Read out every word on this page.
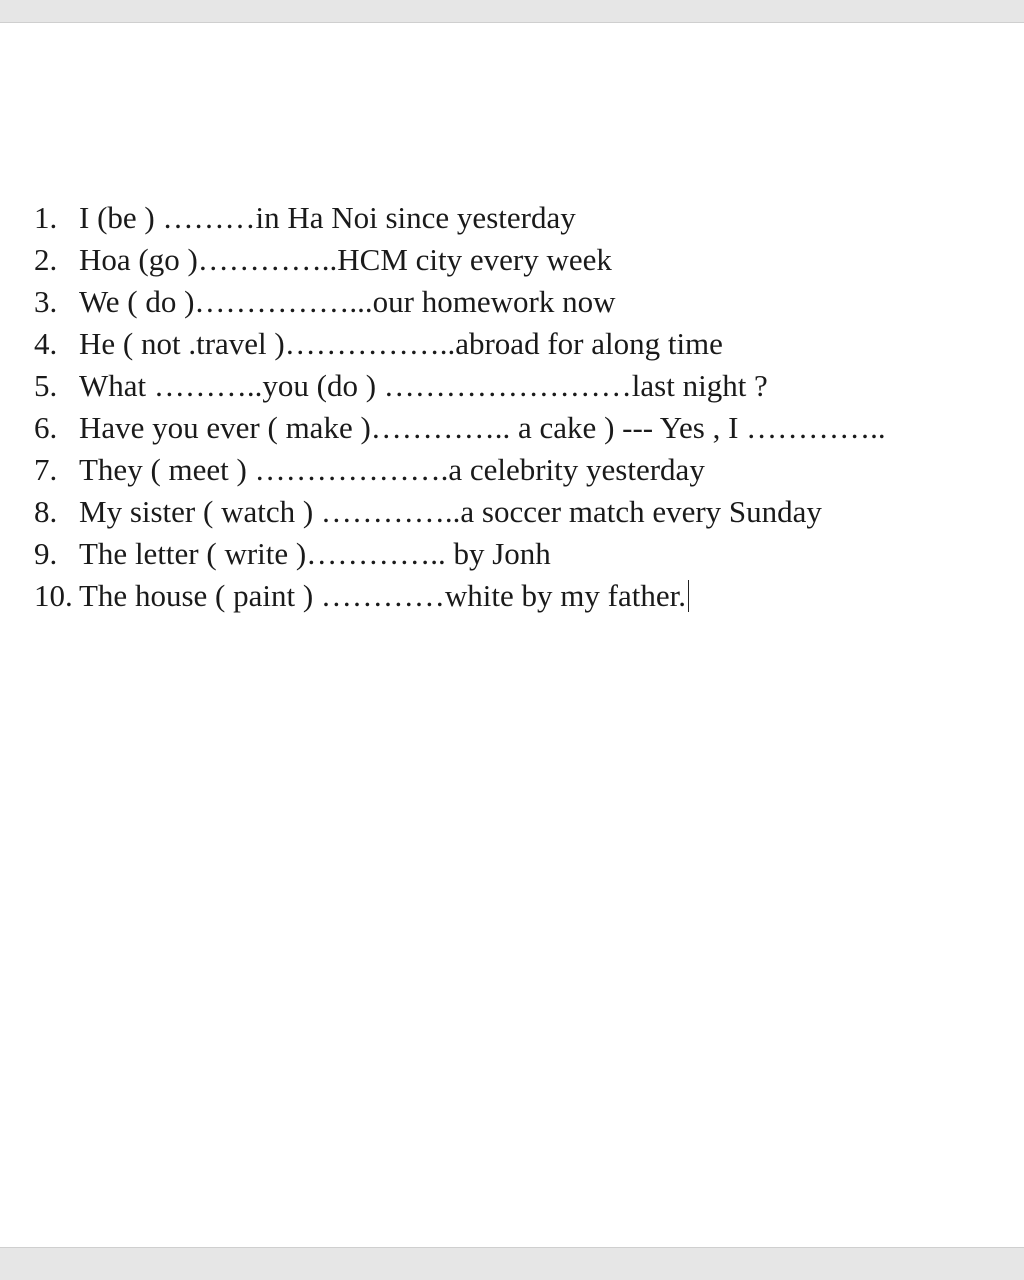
1. I (be ) ………in Ha Noi since yesterday
2. Hoa (go )…………..HCM city every week
3. We ( do )……………...our homework now
4. He ( not .travel )……………..abroad for along time
5. What ………..you (do ) ……………………last night ?
6. Have you ever ( make )………….. a cake ) --- Yes , I …………..
7. They ( meet ) ……………….a celebrity yesterday
8. My sister ( watch ) …………..a soccer match every Sunday
9. The letter ( write )………….. by Jonh
10. The house ( paint ) …………white by my father.
